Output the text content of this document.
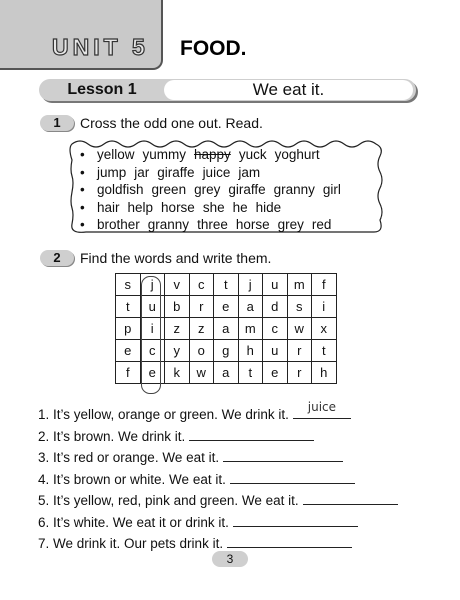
UNIT 5 FOOD.
Lesson 1	We eat it.
1	Cross the odd one out. Read.
• yellow yummy happy yuck yoghurt
• jump jar giraffe juice jam
• goldfish green grey giraffe granny girl
• hair help horse she he hide
• brother granny three horse grey red
2	Find the words and write them.
s	j	v	c	t	j	u	m	f
t	u	b	r	e	a	d	s	i
p	i	z	z	a	m	c	w	x
e	c	y	o	g	h	u	r	t
f	e	k	w	a	t	e	r	h
1. It’s yellow, orange or green. We drink it.	juice
2. It’s brown. We drink it.
3. It’s red or orange. We eat it.
4. It’s brown or white. We eat it.
5. It’s yellow, red, pink and green. We eat it.
6. It’s white. We eat it or drink it.
7. We drink it. Our pets drink it.
3
